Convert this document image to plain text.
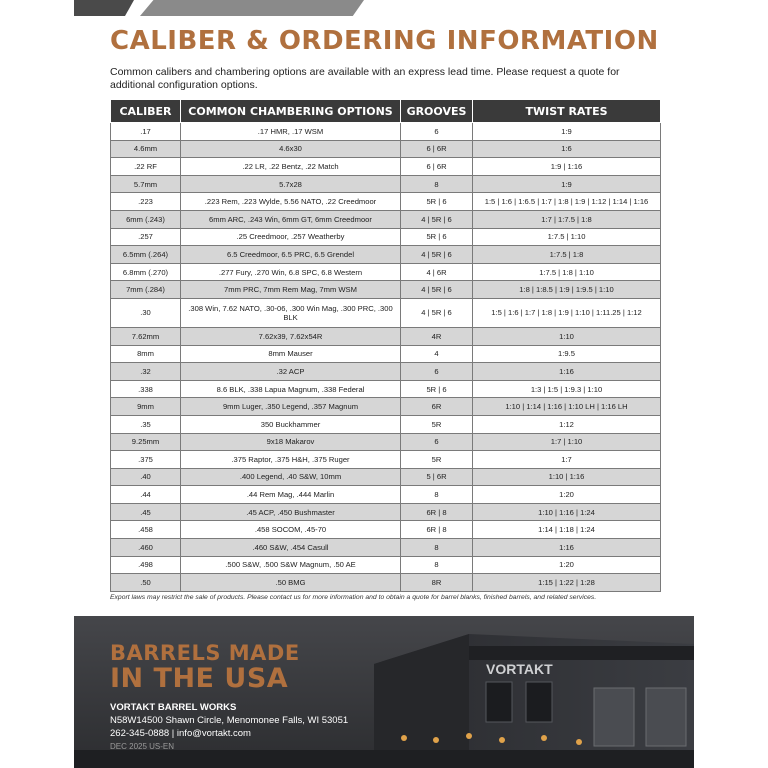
CALIBER & ORDERING INFORMATION

Common calibers and chambering options are available with an express lead time. Please request a quote for additional configuration options.

CALIBER	COMMON CHAMBERING OPTIONS	GROOVES	TWIST RATES
.17	.17 HMR, .17 WSM	6	1:9
4.6mm	4.6x30	6 | 6R	1:6
.22 RF	.22 LR, .22 Bentz, .22 Match	6 | 6R	1:9 | 1:16
5.7mm	5.7x28	8	1:9
.223	.223 Rem, .223 Wylde, 5.56 NATO, .22 Creedmoor	5R | 6	1:5 | 1:6 | 1:6.5 | 1:7 | 1:8 | 1:9 | 1:12 | 1:14 | 1:16
6mm (.243)	6mm ARC, .243 Win, 6mm GT, 6mm Creedmoor	4 | 5R | 6	1:7 | 1:7.5 | 1:8
.257	.25 Creedmoor, .257 Weatherby	5R | 6	1:7.5 | 1:10
6.5mm (.264)	6.5 Creedmoor, 6.5 PRC, 6.5 Grendel	4 | 5R | 6	1:7.5 | 1:8
6.8mm (.270)	.277 Fury, .270 Win, 6.8 SPC, 6.8 Western	4 | 6R	1:7.5 | 1:8 | 1:10
7mm (.284)	7mm PRC, 7mm Rem Mag, 7mm WSM	4 | 5R | 6	1:8 | 1:8.5 | 1:9 | 1:9.5 | 1:10
.30	.308 Win, 7.62 NATO, .30-06, .300 Win Mag, .300 PRC, .300 BLK	4 | 5R | 6	1:5 | 1:6 | 1:7 | 1:8 | 1:9 | 1:10 | 1:11.25 | 1:12
7.62mm	7.62x39, 7.62x54R	4R	1:10
8mm	8mm Mauser	4	1:9.5
.32	.32 ACP	6	1:16
.338	8.6 BLK, .338 Lapua Magnum, .338 Federal	5R | 6	1:3 | 1:5 | 1:9.3 | 1:10
9mm	9mm Luger, .350 Legend, .357 Magnum	6R	1:10 | 1:14 | 1:16 | 1:10 LH | 1:16 LH
.35	350 Buckhammer	5R	1:12
9.25mm	9x18 Makarov	6	1:7 | 1:10
.375	.375 Raptor, .375 H&H, .375 Ruger	5R	1:7
.40	.400 Legend, .40 S&W, 10mm	5 | 6R	1:10 | 1:16
.44	.44 Rem Mag, .444 Marlin	8	1:20
.45	.45 ACP, .450 Bushmaster	6R | 8	1:10 | 1:16 | 1:24
.458	.458 SOCOM, .45-70	6R | 8	1:14 | 1:18 | 1:24
.460	.460 S&W, .454 Casull	8	1:16
.498	.500 S&W, .500 S&W Magnum, .50 AE	8	1:20
.50	.50 BMG	8R	1:15 | 1:22 | 1:28

Export laws may restrict the sale of products. Please contact us for more information and to obtain a quote for barrel blanks, finished barrels, and related services.

VORTAKT
BARRELS MADE
IN THE USA

VORTAKT BARREL WORKS

N58W14500 Shawn Circle, Menomonee Falls, WI 53051

262-345-0888 | info@vortakt.com

DEC 2025 US-EN
